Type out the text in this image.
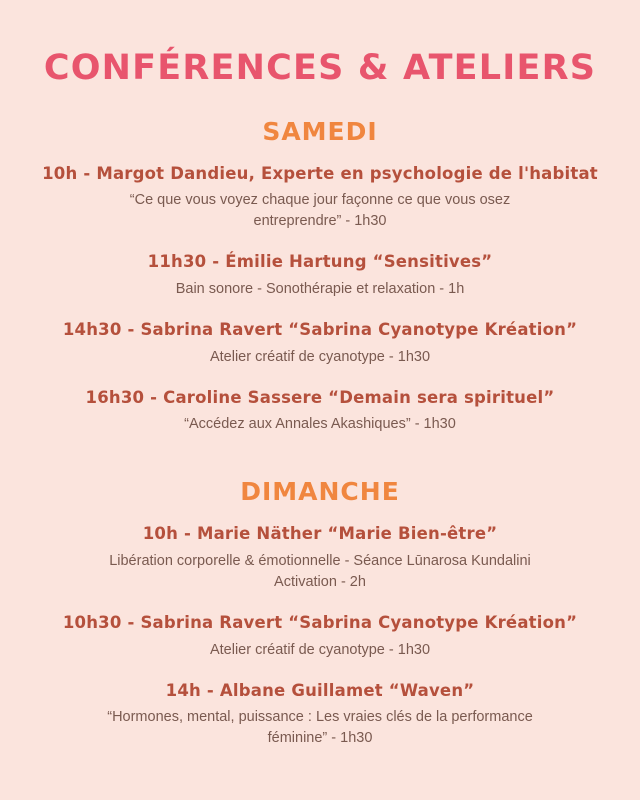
CONFÉRENCES & ATELIERS
SAMEDI
10h - Margot Dandieu, Experte en psychologie de l'habitat
“Ce que vous voyez chaque jour façonne ce que vous osez entreprendre” - 1h30
11h30 - Émilie Hartung “Sensitives”
Bain sonore - Sonothérapie et relaxation - 1h
14h30 - Sabrina Ravert “Sabrina Cyanotype Kréation”
Atelier créatif de cyanotype - 1h30
16h30 - Caroline Sassere “Demain sera spirituel”
“Accédez aux Annales Akashiques” - 1h30
DIMANCHE
10h - Marie Näther “Marie Bien-être”
Libération corporelle & émotionnelle - Séance Lūnarosa Kundalini Activation - 2h
10h30 - Sabrina Ravert “Sabrina Cyanotype Kréation”
Atelier créatif de cyanotype - 1h30
14h - Albane Guillamet “Waven”
“Hormones, mental, puissance : Les vraies clés de la performance féminine” - 1h30
